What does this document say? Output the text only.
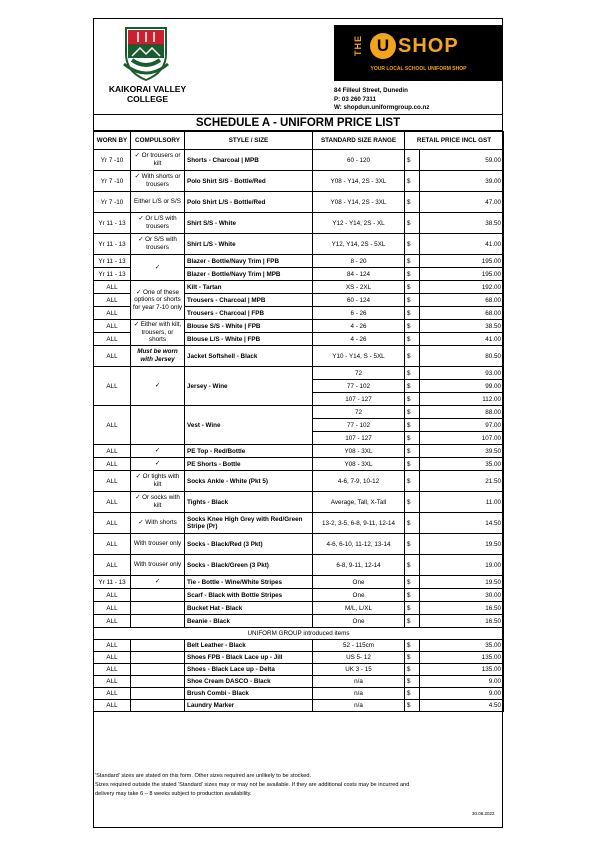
KAIKORAI VALLEY COLLEGE
THE U SHOP
YOUR LOCAL SCHOOL UNIFORM SHOP
84 Filleul Street, Dunedin
P: 03 260 7311
W: shopdun.uniformgroup.co.nz
SCHEDULE A - UNIFORM PRICE LIST
WORN BY	COMPULSORY	STYLE / SIZE	STANDARD SIZE RANGE	RETAIL PRICE INCL GST	
Yr 7 -10	✓ Or trousers or kilt	Shorts - Charcoal | MPB	60 - 120	$	59.00
Yr 7 -10	✓ With shorts or trousers	Polo Shirt S/S - Bottle/Red	Y08 - Y14, 2S - 3XL	$	39.00
Yr 7 -10	Either L/S or S/S	Polo Shirt L/S - Bottle/Red	Y08 - Y14, 2S - 3XL	$	47.00
Yr 11 - 13	✓ Or L/S with trousers	Shirt S/S - White	Y12 - Y14, 2S - XL	$	38.50
Yr 11 - 13	✓ Or S/S with trousers	Shirt L/S - White	Y12, Y14, 2S - 5XL	$	41.00
Yr 11 - 13	✓	Blazer - Bottle/Navy Trim | FPB	8 - 20	$	195.00
Yr 11 - 13		Blazer - Bottle/Navy Trim | MPB	84 - 124	$	195.00
ALL	✓ One of these options or shorts for year 7-10 only	Kilt - Tartan	XS - 2XL	$	192.00
ALL		Trousers - Charcoal | MPB	60 - 124	$	68.00
ALL		Trousers - Charcoal | FPB	6 - 26	$	68.00
ALL	✓ Either with kilt, trousers, or shorts	Blouse S/S - White | FPB	4 - 26	$	38.50
ALL		Blouse L/S - White | FPB	4 - 26	$	41.00
ALL	Must be worn with Jersey	Jacket Softshell - Black	Y10 - Y14, S - 5XL	$	80.50
ALL	✓	Jersey - Wine	72	$	93.00
			77 - 102	$	99.00
			107 - 127	$	112.00
ALL		Vest - Wine	72	$	88.00
			77 - 102	$	97.00
			107 - 127	$	107.00
ALL	✓	PE Top - Red/Bottle	Y08 - 3XL	$	39.50
ALL	✓	PE Shorts - Bottle	Y08 - 3XL	$	35.00
ALL	✓ Or tights with kilt	Socks Ankle - White (Pkt 5)	4-6, 7-9, 10-12	$	21.50
ALL	✓ Or socks with kilt	Tights - Black	Average, Tall, X-Tall	$	11.00
ALL	✓ With shorts	Socks Knee High Grey with Red/Green Stripe (Pr)	13-2, 3-5, 6-8, 9-11, 12-14	$	14.50
ALL	With trouser only	Socks - Black/Red (3 Pkt)	4-6, 6-10, 11-12, 13-14	$	19.50
ALL	With trouser only	Socks - Black/Green (3 Pkt)	6-8, 9-11, 12-14	$	19.00
Yr 11 - 13	✓	Tie - Bottle - Wine/White Stripes	One	$	19.50
ALL		Scarf - Black with Bottle Stripes	One	$	30.00
ALL		Bucket Hat - Black	M/L, L/XL	$	16.50
ALL		Beanie - Black	One	$	16.50
UNIFORM GROUP introduced items					
ALL		Belt Leather - Black	52 - 115cm	$	35.00
ALL		Shoes FPB - Black Lace up - Jill	US 5- 12	$	135.00
ALL		Shoes - Black Lace up - Delta	UK 3 - 15	$	135.00
ALL		Shoe Cream DASCO - Black	n/a	$	9.00
ALL		Brush Combi - Black	n/a	$	9.00
ALL		Laundry Marker	n/a	$	4.50
'Standard' sizes are stated on this form. Other sizes required are unlikely to be stocked.
Sizes required outside the stated 'Standard' sizes may or may not be available. If they are additional costs may be incurred and
delivery may take 6 – 8 weeks subject to production availability.
30.06.2022
